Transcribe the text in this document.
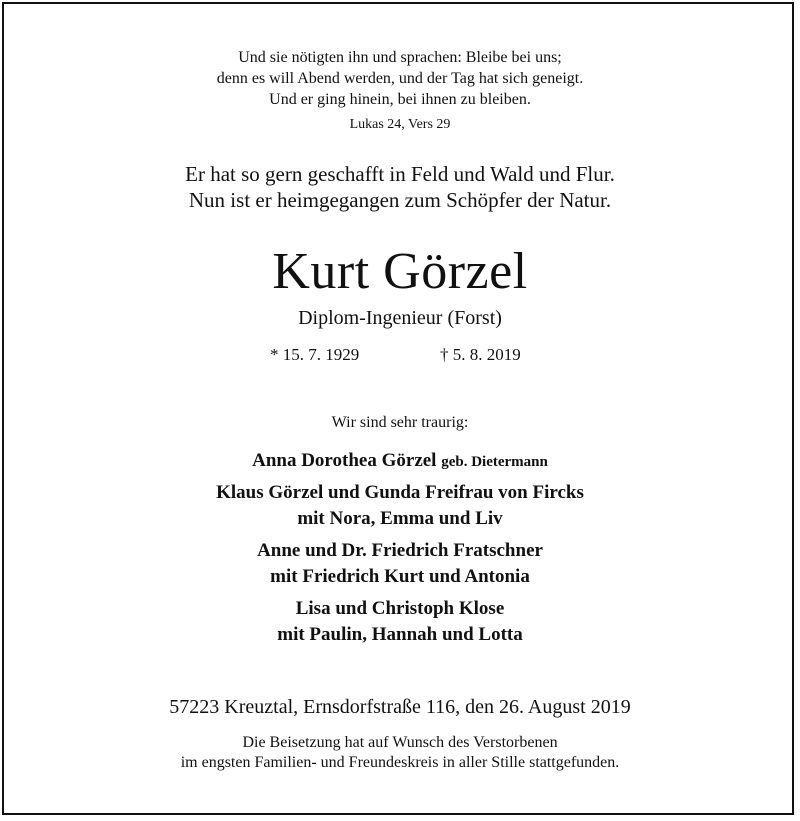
Und sie nötigten ihn und sprachen: Bleibe bei uns;
denn es will Abend werden, und der Tag hat sich geneigt.
Und er ging hinein, bei ihnen zu bleiben.
Lukas 24, Vers 29
Er hat so gern geschafft in Feld und Wald und Flur.
Nun ist er heimgegangen zum Schöpfer der Natur.
Kurt Görzel
Diplom-Ingenieur (Forst)
* 15. 7. 1929	† 5. 8. 2019
Wir sind sehr traurig:
Anna Dorothea Görzel geb. Dietermann
Klaus Görzel und Gunda Freifrau von Fircks
mit Nora, Emma und Liv
Anne und Dr. Friedrich Fratschner
mit Friedrich Kurt und Antonia
Lisa und Christoph Klose
mit Paulin, Hannah und Lotta
57223 Kreuztal, Ernsdorfstraße 116, den 26. August 2019
Die Beisetzung hat auf Wunsch des Verstorbenen
im engsten Familien- und Freundeskreis in aller Stille stattgefunden.
